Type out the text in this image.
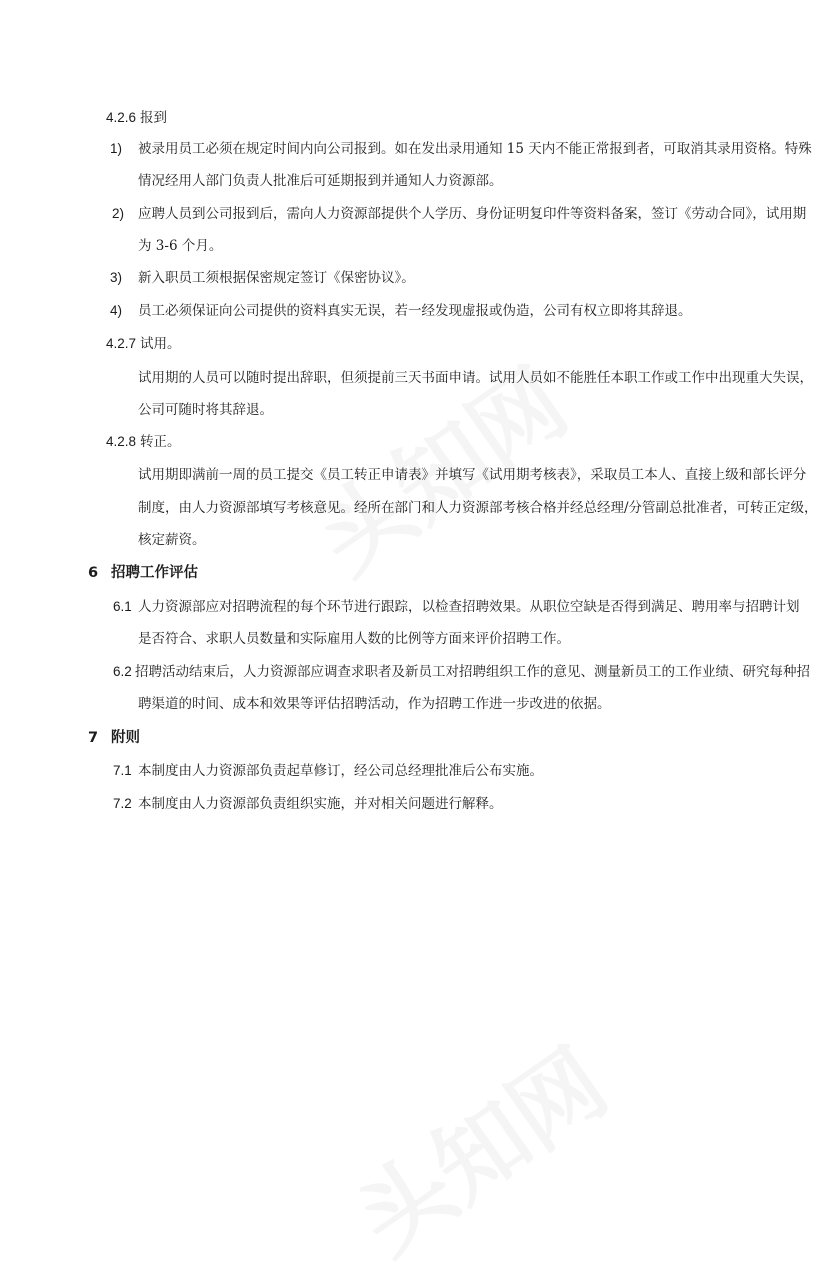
4.2.6 报到
1) 被录用员工必须在规定时间内向公司报到。如在发出录用通知 15 天内不能正常报到者，可取消其录用资格。特殊
情况经用人部门负责人批准后可延期报到并通知人力资源部。
2) 应聘人员到公司报到后，需向人力资源部提供个人学历、身份证明复印件等资料备案，签订《劳动合同》，试用期
为 3-6 个月。
3) 新入职员工须根据保密规定签订《保密协议》。
4) 员工必须保证向公司提供的资料真实无误，若一经发现虚报或伪造，公司有权立即将其辞退。
4.2.7 试用。
试用期的人员可以随时提出辞职，但须提前三天书面申请。试用人员如不能胜任本职工作或工作中出现重大失误，
公司可随时将其辞退。
4.2.8 转正。
试用期即满前一周的员工提交《员工转正申请表》并填写《试用期考核表》，采取员工本人、直接上级和部长评分
制度，由人力资源部填写考核意见。经所在部门和人力资源部考核合格并经总经理/分管副总批准者，可转正定级，
核定薪资。
6 招聘工作评估
6.1 人力资源部应对招聘流程的每个环节进行跟踪，以检查招聘效果。从职位空缺是否得到满足、聘用率与招聘计划
是否符合、求职人员数量和实际雇用人数的比例等方面来评价招聘工作。
6.2 招聘活动结束后，人力资源部应调查求职者及新员工对招聘组织工作的意见、测量新员工的工作业绩、研究每种招
聘渠道的时间、成本和效果等评估招聘活动，作为招聘工作进一步改进的依据。
7 附则
7.1 本制度由人力资源部负责起草修订，经公司总经理批准后公布实施。
7.2 本制度由人力资源部负责组织实施，并对相关问题进行解释。
